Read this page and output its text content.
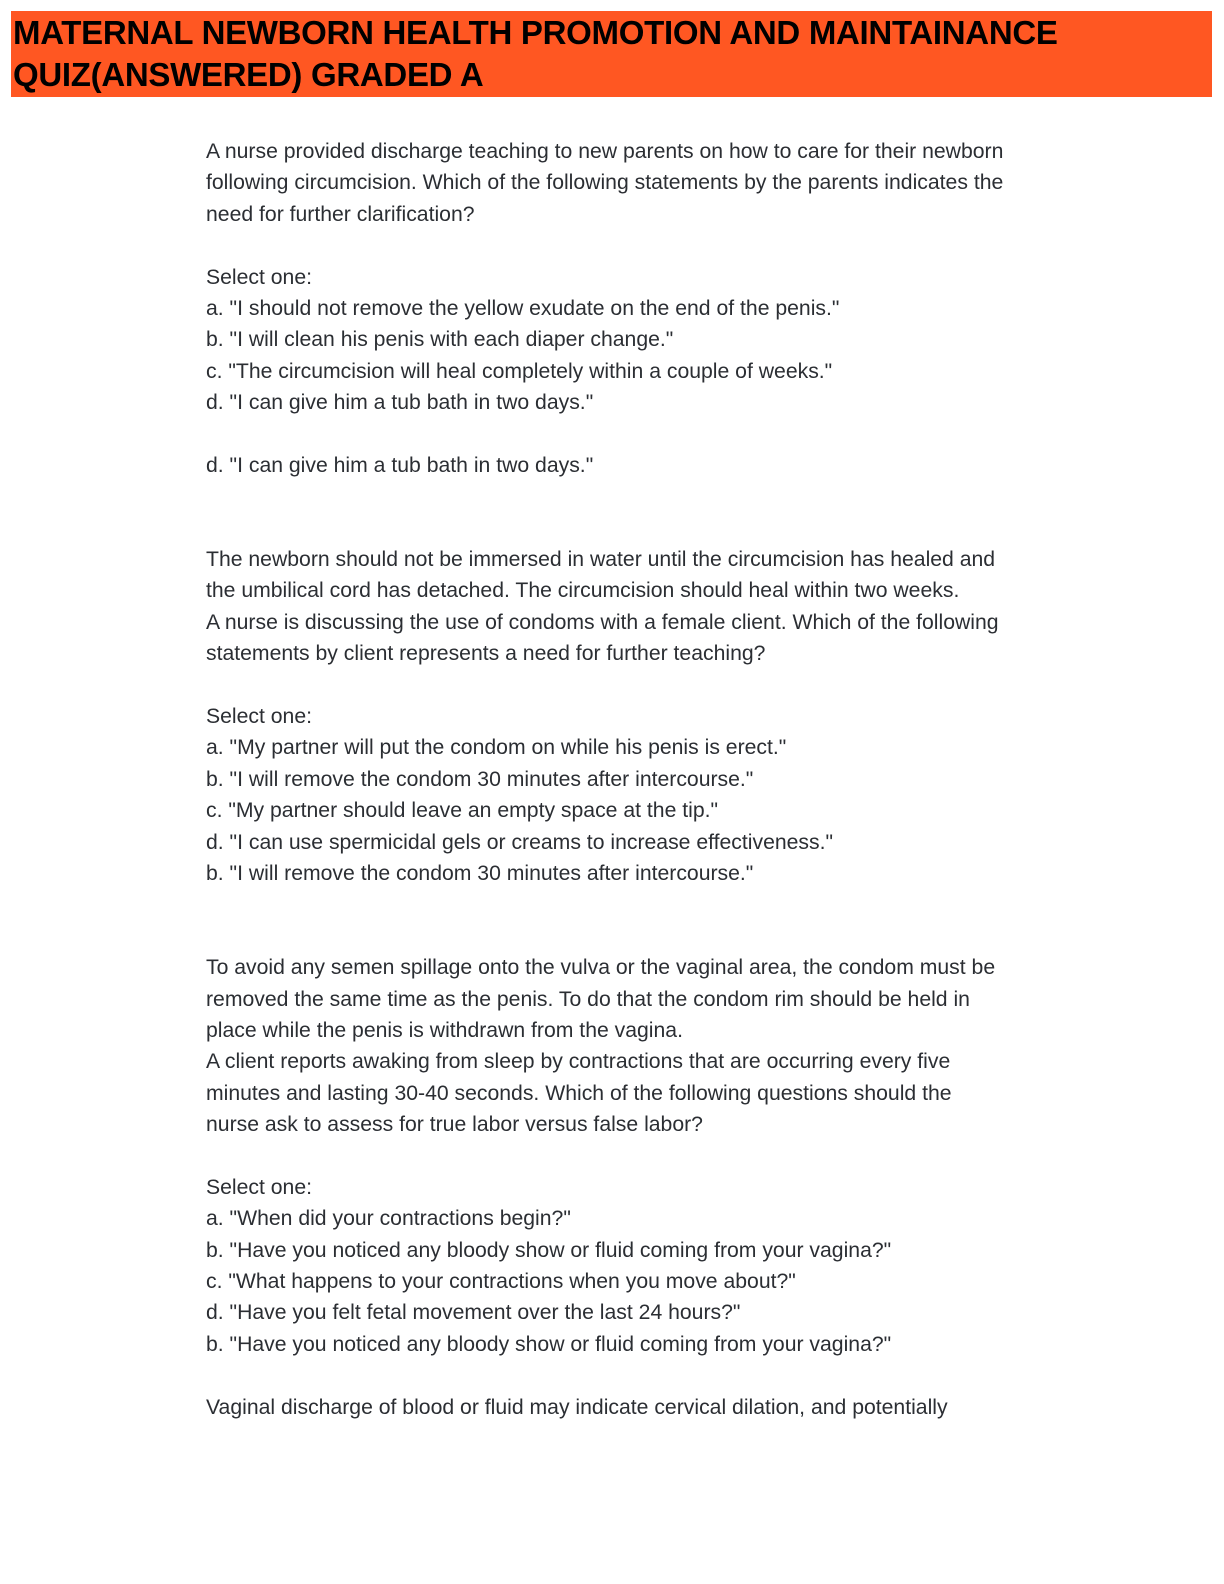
MATERNAL NEWBORN HEALTH PROMOTION AND MAINTAINANCE
QUIZ(ANSWERED) GRADED A
A nurse provided discharge teaching to new parents on how to care for their newborn
following circumcision. Which of the following statements by the parents indicates the
need for further clarification?
Select one:
a. "I should not remove the yellow exudate on the end of the penis."
b. "I will clean his penis with each diaper change."
c. "The circumcision will heal completely within a couple of weeks."
d. "I can give him a tub bath in two days."
d. "I can give him a tub bath in two days."
The newborn should not be immersed in water until the circumcision has healed and
the umbilical cord has detached. The circumcision should heal within two weeks.
A nurse is discussing the use of condoms with a female client. Which of the following
statements by client represents a need for further teaching?
Select one:
a. "My partner will put the condom on while his penis is erect."
b. "I will remove the condom 30 minutes after intercourse."
c. "My partner should leave an empty space at the tip."
d. "I can use spermicidal gels or creams to increase effectiveness."
b. "I will remove the condom 30 minutes after intercourse."
To avoid any semen spillage onto the vulva or the vaginal area, the condom must be
removed the same time as the penis. To do that the condom rim should be held in
place while the penis is withdrawn from the vagina.
A client reports awaking from sleep by contractions that are occurring every five
minutes and lasting 30-40 seconds. Which of the following questions should the
nurse ask to assess for true labor versus false labor?
Select one:
a. "When did your contractions begin?"
b. "Have you noticed any bloody show or fluid coming from your vagina?"
c. "What happens to your contractions when you move about?"
d. "Have you felt fetal movement over the last 24 hours?"
b. "Have you noticed any bloody show or fluid coming from your vagina?"
Vaginal discharge of blood or fluid may indicate cervical dilation, and potentially
